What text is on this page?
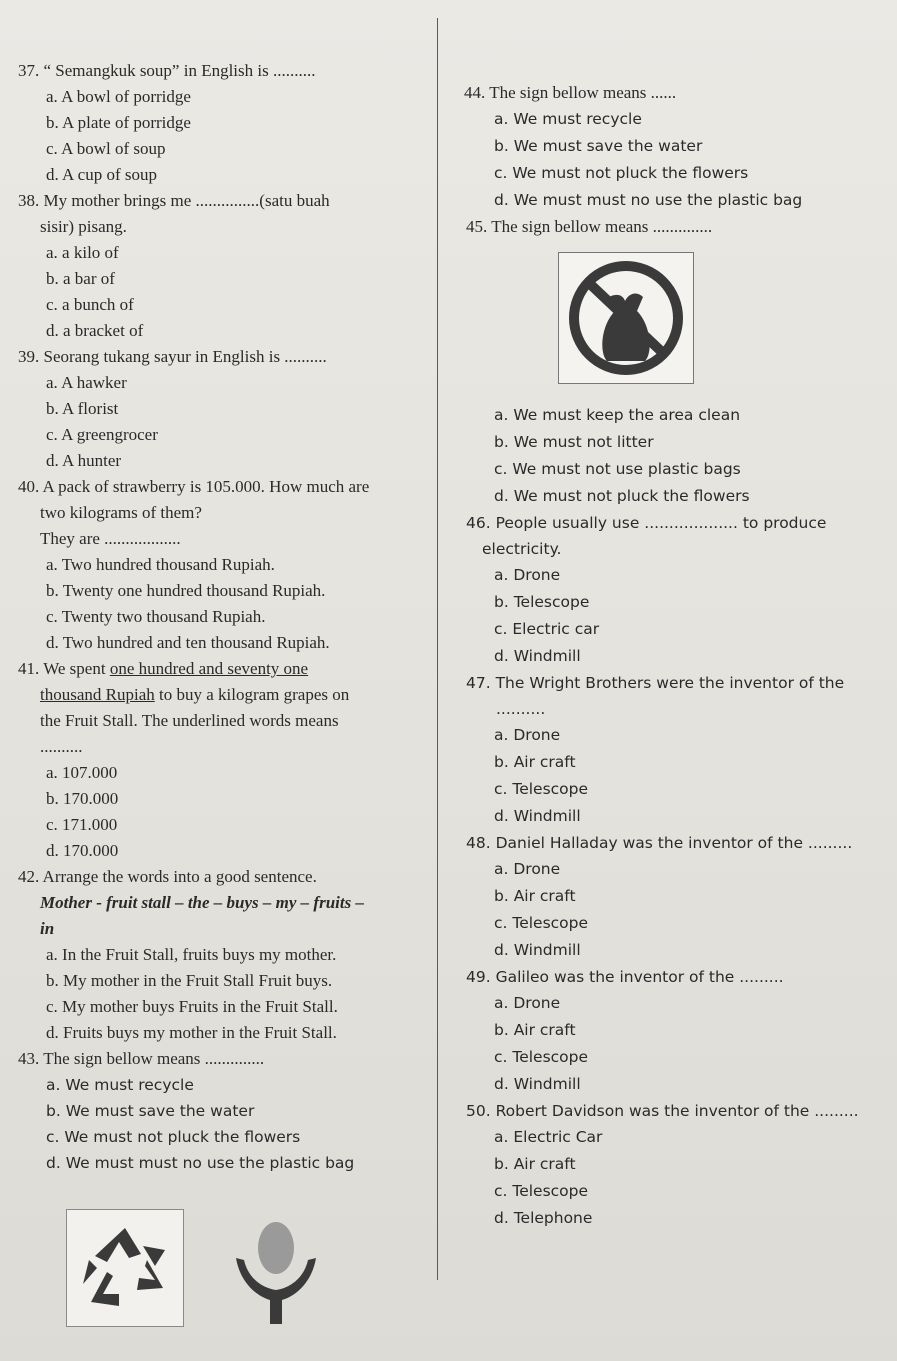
37. “ Semangkuk soup” in English is ..........

a. A bowl of porridge

b. A plate of porridge

c. A bowl of soup

d. A cup of soup

38. My mother brings me ...............(satu buah

sisir) pisang.

a. a kilo of

b. a bar of

c. a bunch of

d. a bracket of

39. Seorang tukang sayur in English is ..........

a. A hawker

b. A florist

c. A greengrocer

d. A hunter

40. A pack of strawberry is 105.000. How much are

two kilograms of them?

They are ..................

a. Two hundred thousand Rupiah.

b. Twenty one hundred thousand Rupiah.

c. Twenty two thousand Rupiah.

d. Two hundred and ten thousand Rupiah.

41. We spent one hundred and seventy one

thousand Rupiah to buy a kilogram grapes on

the Fruit Stall. The underlined words means

..........

a. 107.000

b. 170.000

c. 171.000

d. 170.000

42. Arrange the words into a good sentence.

Mother - fruit stall – the – buys – my – fruits –

in

a. In the Fruit Stall, fruits buys my mother.

b. My mother in the Fruit Stall Fruit buys.

c. My mother buys Fruits in the Fruit Stall.

d. Fruits buys my mother in the Fruit Stall.

43. The sign bellow means ..............

a. We must recycle

b. We must save the water

c. We must not pluck the flowers

d. We must must no use the plastic bag

44. The sign bellow means ......

a. We must recycle

b. We must save the water

c. We must not pluck the flowers

d. We must must no use the plastic bag

45. The sign bellow means ..............

a. We must keep the area clean

b. We must not litter

c. We must not use plastic bags

d. We must not pluck the flowers

46. People usually use ................... to produce

electricity.

a. Drone

b. Telescope

c. Electric car

d. Windmill

47. The Wright Brothers were the inventor of the

..........

a. Drone

b. Air craft

c. Telescope

d. Windmill

48. Daniel Halladay was the inventor of the .........

a. Drone

b. Air craft

c. Telescope

d. Windmill

49. Galileo was the inventor of the .........

a. Drone

b. Air craft

c. Telescope

d. Windmill

50. Robert Davidson was the inventor of the .........

a. Electric Car

b. Air craft

c. Telescope

d. Telephone
